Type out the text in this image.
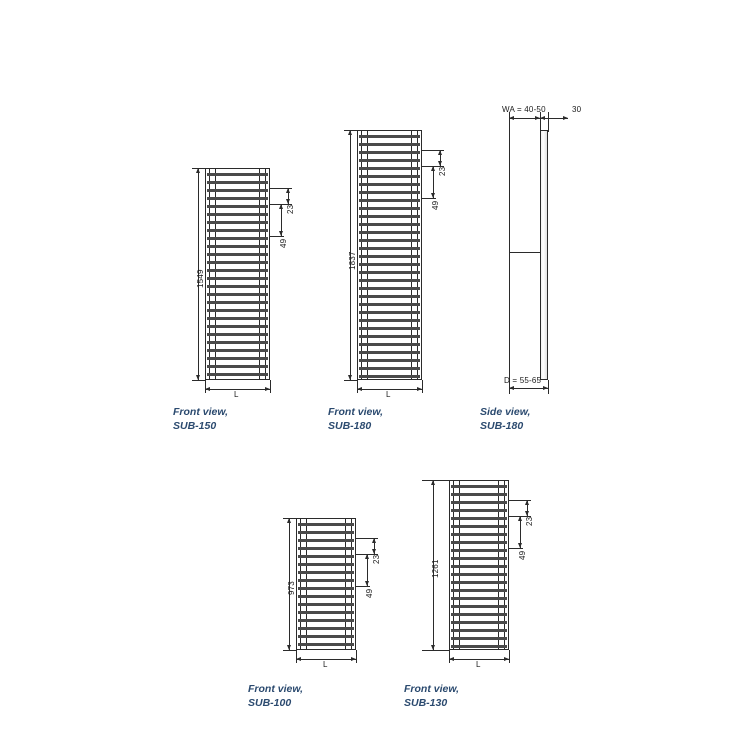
1549
L
23
49
Front view,
SUB-150
1837
L
23
49
Front view,
SUB-180
WA = 40-50	30
D = 55-65
Side view,
SUB-180
973
L
23
49
Front view,
SUB-100
1261
L
23
49
Front view,
SUB-130
